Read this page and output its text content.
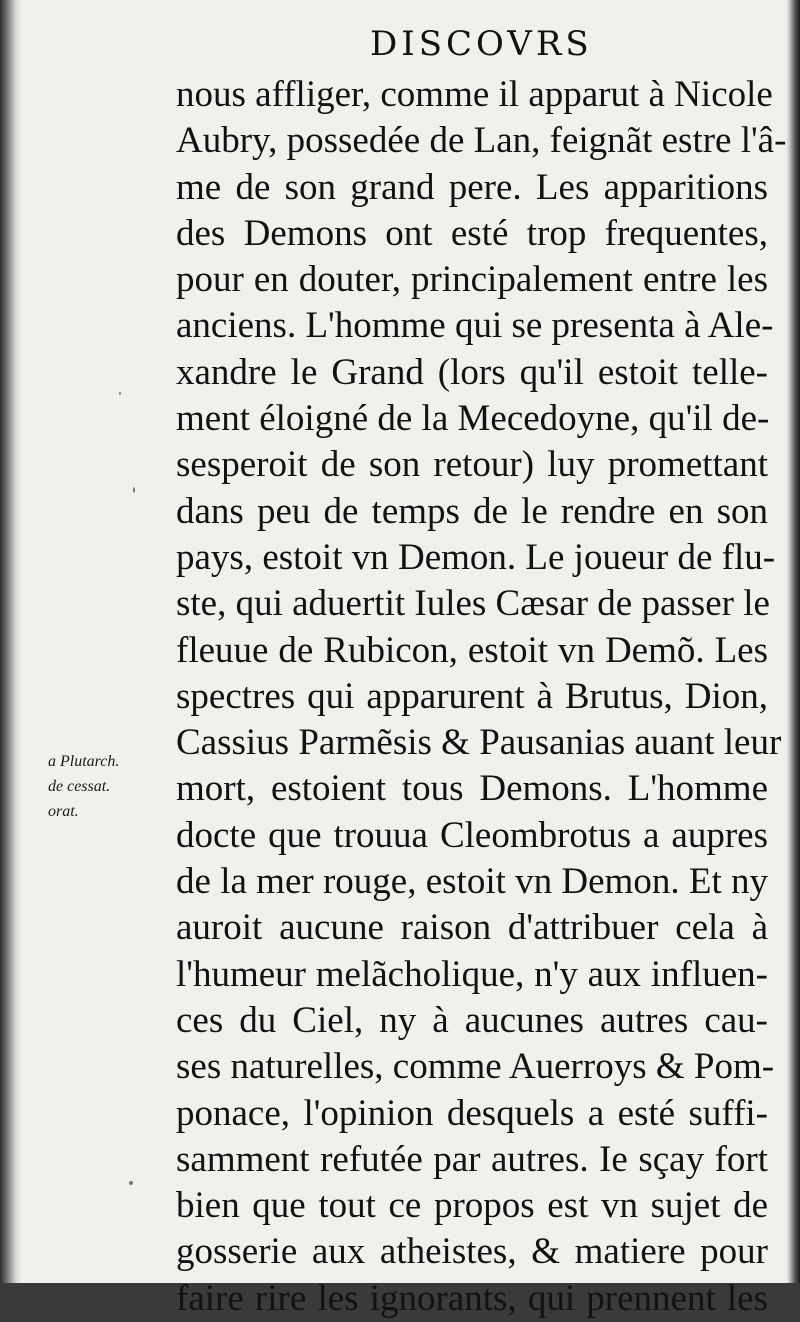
DISCOVRS
a Plutarch.
de cessat.
orat.
nous affliger, comme il apparut à Nicole
Aubry, possedée de Lan, feignãt estre l'â-
me de son grand pere. Les apparitions
des Demons ont esté trop frequentes,
pour en douter, principalement entre les
anciens. L'homme qui se presenta à Ale-
xandre le Grand (lors qu'il estoit telle-
ment éloigné de la Mecedoyne, qu'il de-
sesperoit de son retour) luy promettant
dans peu de temps de le rendre en son
pays, estoit vn Demon. Le joueur de flu-
ste, qui aduertit Iules Cæsar de passer le
fleuue de Rubicon, estoit vn Demõ. Les
spectres qui apparurent à Brutus, Dion,
Cassius Parmẽsis & Pausanias auant leur
mort, estoient tous Demons. L'homme
docte que trouua Cleombrotus a aupres
de la mer rouge, estoit vn Demon. Et ny
auroit aucune raison d'attribuer cela à
l'humeur melãcholique, n'y aux influen-
ces du Ciel, ny à aucunes autres cau-
ses naturelles, comme Auerroys & Pom-
ponace, l'opinion desquels a esté suffi-
samment refutée par autres. Ie sçay fort
bien que tout ce propos est vn sujet de
gosserie aux atheistes, & matiere pour
faire rire les ignorants, qui prennent les
